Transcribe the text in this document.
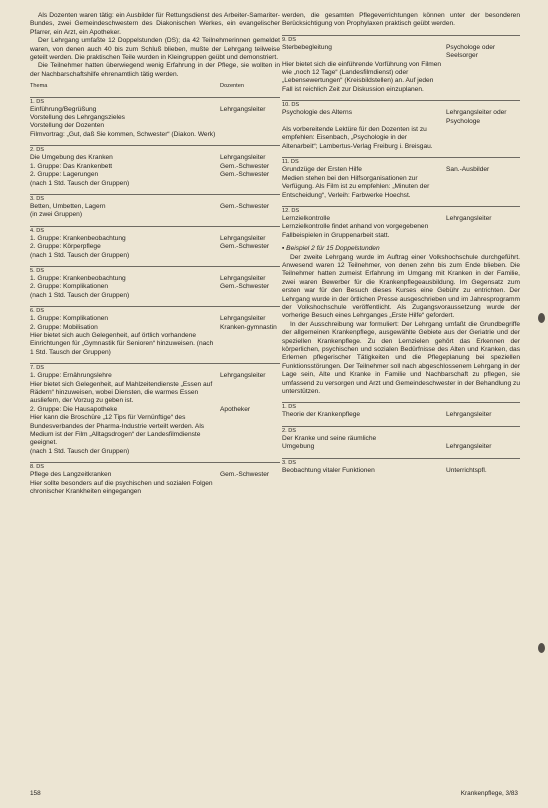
Als Dozenten waren tätig: ein Ausbilder für Rettungsdienst des Arbeiter-Samariter-Bundes, zwei Gemeindeschwestern des Diakonischen Werkes, ein evangelischer Pfarrer, ein Arzt, ein Apotheker.

Der Lehrgang umfaßte 12 Doppelstunden (DS); da 42 Teilnehmerinnen gemeldet waren, von denen auch 40 bis zum Schluß blieben, mußte der Lehrgang teilweise geteilt werden. Die praktischen Teile wurden in Kleingruppen geübt und demonstriert.

Die Teilnehmer hatten überwiegend wenig Erfahrung in der Pflege, sie wollten in der Nachbarschaftshilfe ehrenamtlich tätig werden.

Thema	Dozenten
1. DS
Einführung/Begrüßung	Lehrgangsleiter
Vorstellung des Lehrgangszieles
Vorstellung der Dozenten
Filmvortrag: „Gut, daß Sie kommen, Schwester“ (Diakon. Werk)
2. DS
Die Umgebung des Kranken	Lehrgangsleiter
1. Gruppe: Das Krankenbett	Gem.-Schwester
2. Gruppe: Lagerungen	Gem.-Schwester
(nach 1 Std. Tausch der Gruppen)
3. DS
Betten, Umbetten, Lagern	Gem.-Schwester
(in zwei Gruppen)
4. DS
1. Gruppe: Krankenbeobachtung	Lehrgangsleiter
2. Gruppe: Körperpflege	Gem.-Schwester
(nach 1 Std. Tausch der Gruppen)
5. DS
1. Gruppe: Krankenbeobachtung	Lehrgangsleiter
2. Gruppe: Komplikationen	Gem.-Schwester
(nach 1 Std. Tausch der Gruppen)
6. DS
1. Gruppe: Komplikationen	Lehrgangsleiter
2. Gruppe: Mobilisation	Kranken-gymnastin
Hier bietet sich auch Gelegenheit, auf örtlich vorhandene Einrichtungen für „Gymnastik für Senioren“ hinzuweisen. (nach 1 Std. Tausch der Gruppen)
7. DS
1. Gruppe: Ernährungslehre	Lehrgangsleiter
Hier bietet sich Gelegenheit, auf Mahlzeitendienste „Essen auf Rädern“ hinzuweisen, wobei Diensten, die warmes Essen ausliefern, der Vorzug zu geben ist.
2. Gruppe: Die Hausapotheke	Apotheker
Hier kann die Broschüre „12 Tips für Vernünftige“ des Bundesverbandes der Pharma-Industrie verteilt werden. Als Medium ist der Film „Alltagsdrogen“ der Landesfilmdienste geeignet.
(nach 1 Std. Tausch der Gruppen)
8. DS
Pflege des Langzeitkranken	Gem.-Schwester
Hier sollte besonders auf die psychischen und sozialen Folgen chronischer Krankheiten eingegangen

werden, die gesamten Pflegeverrichtungen können unter der besonderen Berücksichtigung von Prophylaxen praktisch geübt werden.

9. DS
Sterbebegleitung	Psychologe oder Seelsorger
Hier bietet sich die einführende Vorführung von Filmen wie „noch 12 Tage“ (Landesfilmdienst) oder „Lebensewertungen“ (Kreisbildstellen) an. Auf jeden Fall ist reichlich Zeit zur Diskussion einzuplanen.
10. DS
Psychologie des Alterns	Lehrgangsleiter oder Psychologe
Als vorbereitende Lektüre für den Dozenten ist zu empfehlen: Eisenbach, „Psychologie in der Altenarbeit“; Lambertus-Verlag Freiburg i. Breisgau.
11. DS
Grundzüge der Ersten Hilfe	San.-Ausbilder
Medien stehen bei den Hilfsorganisationen zur Verfügung. Als Film ist zu empfehlen: „Minuten der Entscheidung“, Verleih: Farbwerke Hoechst.
12. DS
Lernzielkontrolle	Lehrgangsleiter
Lernzielkontrolle findet anhand von vorgegebenen Fallbeispielen in Gruppenarbeit statt.
▪ Beispiel 2 für 15 Doppelstunden

Der zweite Lehrgang wurde im Auftrag einer Volkshochschule durchgeführt. Anwesend waren 12 Teilnehmer, von denen zehn bis zum Ende blieben. Die Teilnehmer hatten zumeist Erfahrung im Umgang mit Kranken in der Familie, zwei waren Bewerber für die Krankenpflegeausbildung. Im Gegensatz zum ersten war für den Besuch dieses Kurses eine Gebühr zu entrichten. Der Lehrgang wurde in der örtlichen Presse ausgeschrieben und im Jahresprogramm der Volkshochschule veröffentlicht. Als Zugangsvoraussetzung wurde der vorherige Besuch eines Lehrganges „Erste Hilfe“ gefordert.

In der Ausschreibung war formuliert: Der Lehrgang umfaßt die Grundbegriffe der allgemeinen Krankenpflege, ausgewählte Gebiete aus der Geriatrie und der speziellen Krankenpflege. Zu den Lernzielen gehört das Erkennen der körperlichen, psychischen und sozialen Bedürfnisse des Alten und Kranken, das Erlernen pflegerischer Tätigkeiten und die Pflegeplanung bei speziellen Funktionsstörungen. Der Teilnehmer soll nach abgeschlossenem Lehrgang in der Lage sein, Alte und Kranke in Familie und Nachbarschaft zu pflegen, sie umfassend zu versorgen und Arzt und Gemeindeschwester in der Behandlung zu unterstützen.

1. DS
Theorie der Krankenpflege	Lehrgangsleiter
2. DS
Der Kranke und seine räumliche
Umgebung	Lehrgangsleiter
3. DS
Beobachtung vitaler Funktionen	Unterrichtspfl.
158	Krankenpflege, 3/83
